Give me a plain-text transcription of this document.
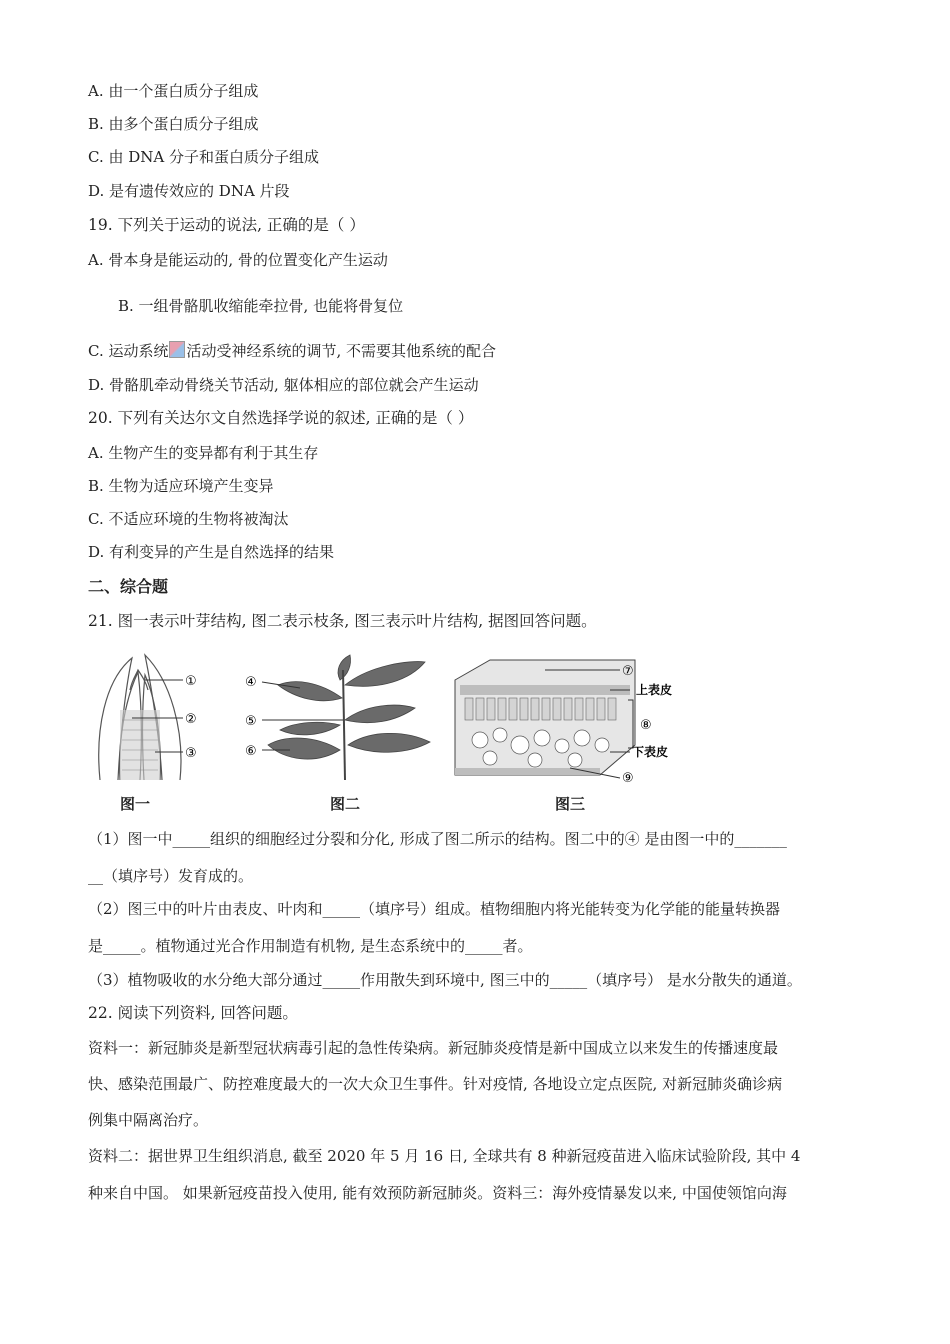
A. 由一个蛋白质分子组成
B. 由多个蛋白质分子组成
C. 由 DNA 分子和蛋白质分子组成
D. 是有遗传效应的 DNA 片段
19. 下列关于运动的说法, 正确的是（ ）
A. 骨本身是能运动的, 骨的位置变化产生运动
B. 一组骨骼肌收缩能牵拉骨, 也能将骨复位
C. 运动系统 活动受神经系统的调节, 不需要其他系统的配合
D. 骨骼肌牵动骨绕关节活动, 躯体相应的部位就会产生运动
20. 下列有关达尔文自然选择学说的叙述, 正确的是（ ）
A. 生物产生的变异都有利于其生存
B. 生物为适应环境产生变异
C. 不适应环境的生物将被淘汰
D. 有利变异的产生是自然选择的结果
二、综合题
21. 图一表示叶芽结构, 图二表示枝条, 图三表示叶片结构, 据图回答问题。
①
②
③
④
⑤
⑥
⑦
上表皮
⑧
下表皮
⑨
图一	图二	图三
（1）图一中_____组织的细胞经过分裂和分化, 形成了图二所示的结构。图二中的④ 是由图一中的_______
__（填序号）发育成的。
（2）图三中的叶片由表皮、叶肉和_____（填序号）组成。植物细胞内将光能转变为化学能的能量转换器
是_____。植物通过光合作用制造有机物, 是生态系统中的_____者。
（3）植物吸收的水分绝大部分通过_____作用散失到环境中, 图三中的_____（填序号） 是水分散失的通道。
22. 阅读下列资料, 回答问题。
资料一：新冠肺炎是新型冠状病毒引起的急性传染病。新冠肺炎疫情是新中国成立以来发生的传播速度最
快、感染范围最广、防控难度最大的一次大众卫生事件。针对疫情, 各地设立定点医院, 对新冠肺炎确诊病
例集中隔离治疗。
资料二：据世界卫生组织消息, 截至 2020 年 5 月 16 日, 全球共有 8 种新冠疫苗进入临床试验阶段, 其中 4
种来自中国。 如果新冠疫苗投入使用, 能有效预防新冠肺炎。资料三：海外疫情暴发以来, 中国使领馆向海
